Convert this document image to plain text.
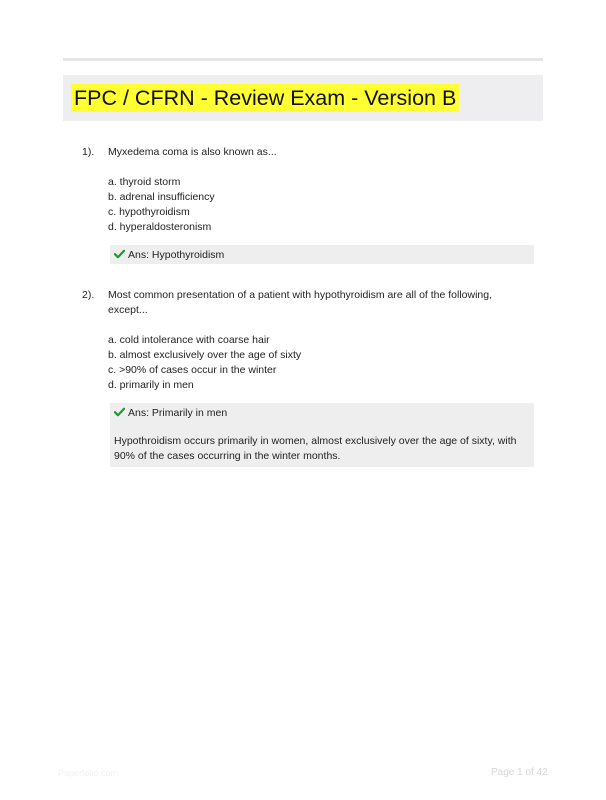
FPC / CFRN - Review Exam - Version B
1). Myxedema coma is also known as...
a. thyroid storm
b. adrenal insufficiency
c. hypothyroidism
d. hyperaldosteronism
Ans: Hypothyroidism
2). Most common presentation of a patient with hypothyroidism are all of the following, except...
a. cold intolerance with coarse hair
b. almost exclusively over the age of sixty
c. >90% of cases occur in the winter
d. primarily in men
Ans: Primarily in men
Hypothroidism occurs primarily in women, almost exclusively over the age of sixty, with 90% of the cases occurring in the winter months.
Paperfolio.com	Page 1 of 42
